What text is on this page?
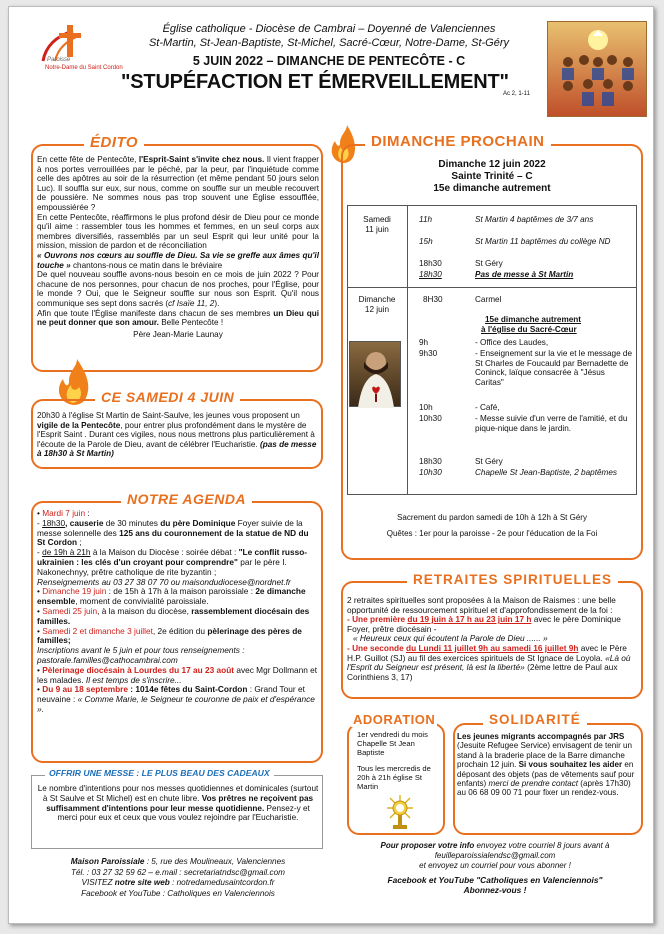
Paroisse
Notre-Dame du Saint Cordon
Église catholique - Diocèse de Cambrai – Doyenné de Valenciennes
St-Martin, St-Jean-Baptiste, St-Michel, Sacré-Cœur, Notre-Dame, St-Géry
5 JUIN 2022 – DIMANCHE DE PENTECÔTE - C
"STUPÉFACTION ET ÉMERVEILLEMENT"
Ac 2, 1-11
ÉDITO
En cette fête de Pentecôte, l'Esprit-Saint s'invite chez nous. Il vient frapper à nos portes verrouillées par le péché, par la peur, par l'inquiétude comme celle des apôtres au soir de la résurrection (et même pendant 50 jours selon Luc). Il souffla sur eux, sur nous, comme on souffle sur un meuble recouvert de poussière. Ne sommes nous pas trop souvent une Église essoufflée, empoussiérée ?
En cette Pentecôte, réaffirmons le plus profond désir de Dieu pour ce monde qu'il aime : rassembler tous les hommes et femmes, en un seul corps aux membres diversifiés, rassemblés par un seul Esprit qui leur unité pour la mission, mission de pardon et de réconciliation
« Ouvrons nos cœurs au souffle de Dieu. Sa vie se greffe aux âmes qu'il touche » chantons-nous ce matin dans le bréviaire
De quel nouveau souffle avons-nous besoin en ce mois de juin 2022 ? Pour chacune de nos personnes, pour chacun de nos proches, pour l'Église, pour le monde ? Oui, que le Seigneur souffle sur nous son Esprit. Qu'il nous communique ses sept dons sacrés (cf Isaïe 11, 2).
Afin que toute l'Église manifeste dans chacun de ses membres un Dieu qui ne peut donner que son amour. Belle Pentecôte !
Père Jean-Marie Launay
CE SAMEDI 4 JUIN
20h30 à l'église St Martin de Saint-Saulve, les jeunes vous proposent un vigile de la Pentecôte, pour entrer plus profondément dans le mystère de l'Esprit Saint . Durant ces vigiles, nous nous mettrons plus particulièrement à l'écoute de la Parole de Dieu, avant de célébrer l'Eucharistie. (pas de messe à 18h30 à St Martin)
NOTRE AGENDA

• Mardi 7 juin :
- 18h30, causerie de 30 minutes du père Dominique Foyer suivie de la messe solennelle des 125 ans du couronnement de la statue de ND du St Cordon ;

- de 19h à 21h à la Maison du Diocèse : soirée débat : "Le conflit russo-ukrainien : les clés d'un croyant pour comprendre" par le père I. Nakonechnyy, prêtre catholique de rite byzantin ;
Renseignements au 03 27 38 07 70 ou maisondudiocese@nordnet.fr

• Dimanche 19 juin : de 15h à 17h à la maison paroissiale : 2e dimanche ensemble, moment de convivialité paroissiale.

• Samedi 25 juin, à la maison du diocèse, rassemblement diocésain des familles.

• Samedi 2 et dimanche 3 juillet, 2e édition du pèlerinage des pères de familles;
Inscriptions avant le 5 juin et pour tous renseignements : pastorale.familles@cathocambrai.com

• Pèlerinage diocésain à Lourdes du 17 au 23 août avec Mgr Dollmann et les malades. Il est temps de s'inscrire...

• Du 9 au 18 septembre : 1014e fêtes du Saint-Cordon : Grand Tour et neuvaine : « Comme Marie, le Seigneur te couronne de paix et d'espérance ».

OFFRIR UNE MESSE : LE PLUS BEAU DES CADEAUX
Le nombre d'intentions pour nos messes quotidiennes et dominicales (surtout à St Saulve et St Michel) est en chute libre. Vos prêtres ne reçoivent pas suffisamment d'intentions pour leur messe quotidienne. Pensez-y et merci pour eux et ceux que vous voulez rejoindre par l'Eucharistie.
Maison Paroissiale : 5, rue des Moulineaux, Valenciennes
Tél. : 03 27 32 59 62 – e.mail : secretariatndsc@gmail.com
VISITEZ notre site web : notredamedusaintcordon.fr
Facebook et YouTube : Catholiques en Valenciennois
DIMANCHE PROCHAIN
Dimanche 12 juin 2022
Sainte Trinité – C
15e dimanche autrement
Samedi
11 juin
11h	St Martin 4 baptêmes de 3/7 ans
15h	St Martin 11 baptêmes du collège ND
18h30	St Géry
18h30	Pas de messe à St Martin
Dimanche
12 juin
8H30	Carmel
15e dimanche autrement
à l'église du Sacré-Cœur
9h	- Office des Laudes,
9h30	- Enseignement sur la vie et le message de St Charles de Foucauld par Bernadette de Coninck, laïque consacrée à "Jésus Caritas"
10h	- Café,
10h30	- Messe suivie d'un verre de l'amitié, et du pique-nique dans le jardin.
18h30	St Géry
10h30	Chapelle St Jean-Baptiste, 2 baptêmes
Sacrement du pardon samedi de 10h à 12h à St Géry
Quêtes : 1er pour la paroisse - 2e pour l'éducation de la Foi
RETRAITES SPIRITUELLES
2 retraites spirituelles sont proposées à la Maison de Raismes : une belle opportunité de ressourcement spirituel et d'approfondissement de la foi :
- Une première du 19 juin à 17 h au 23 juin 17 h avec le père Dominique Foyer, prêtre diocésain -
« Heureux ceux qui écoutent la Parole de Dieu ...... »
- Une seconde du Lundi 11 juillet 9h au samedi 16 juillet 9h avec le Père H.P. Guillot (SJ) au fil des exercices spirituels de St Ignace de Loyola. «Là où l'Esprit du Seigneur est présent, là est la liberté» (2ème lettre de Paul aux Corinthiens 3, 17)
ADORATION
1er vendredi du mois Chapelle St Jean Baptiste
Tous les mercredis de 20h à 21h église St Martin
SOLIDARITÉ
Les jeunes migrants accompagnés par JRS (Jesuite Refugee Service) envisagent de tenir un stand à la braderie place de la Barre dimanche prochain 12 juin. Si vous souhaitez les aider en déposant des objets (pas de vêtements sauf pour enfants) merci de prendre contact (après 17h30) au 06 68 09 00 71 pour fixer un rendez-vous.
Pour proposer votre info envoyez votre courriel 8 jours avant à feuilleparoissialendsc@gmail.com
et envoyez un courriel pour vous abonner !
Facebook et YouTube "Catholiques en Valenciennois"
Abonnez-vous !
